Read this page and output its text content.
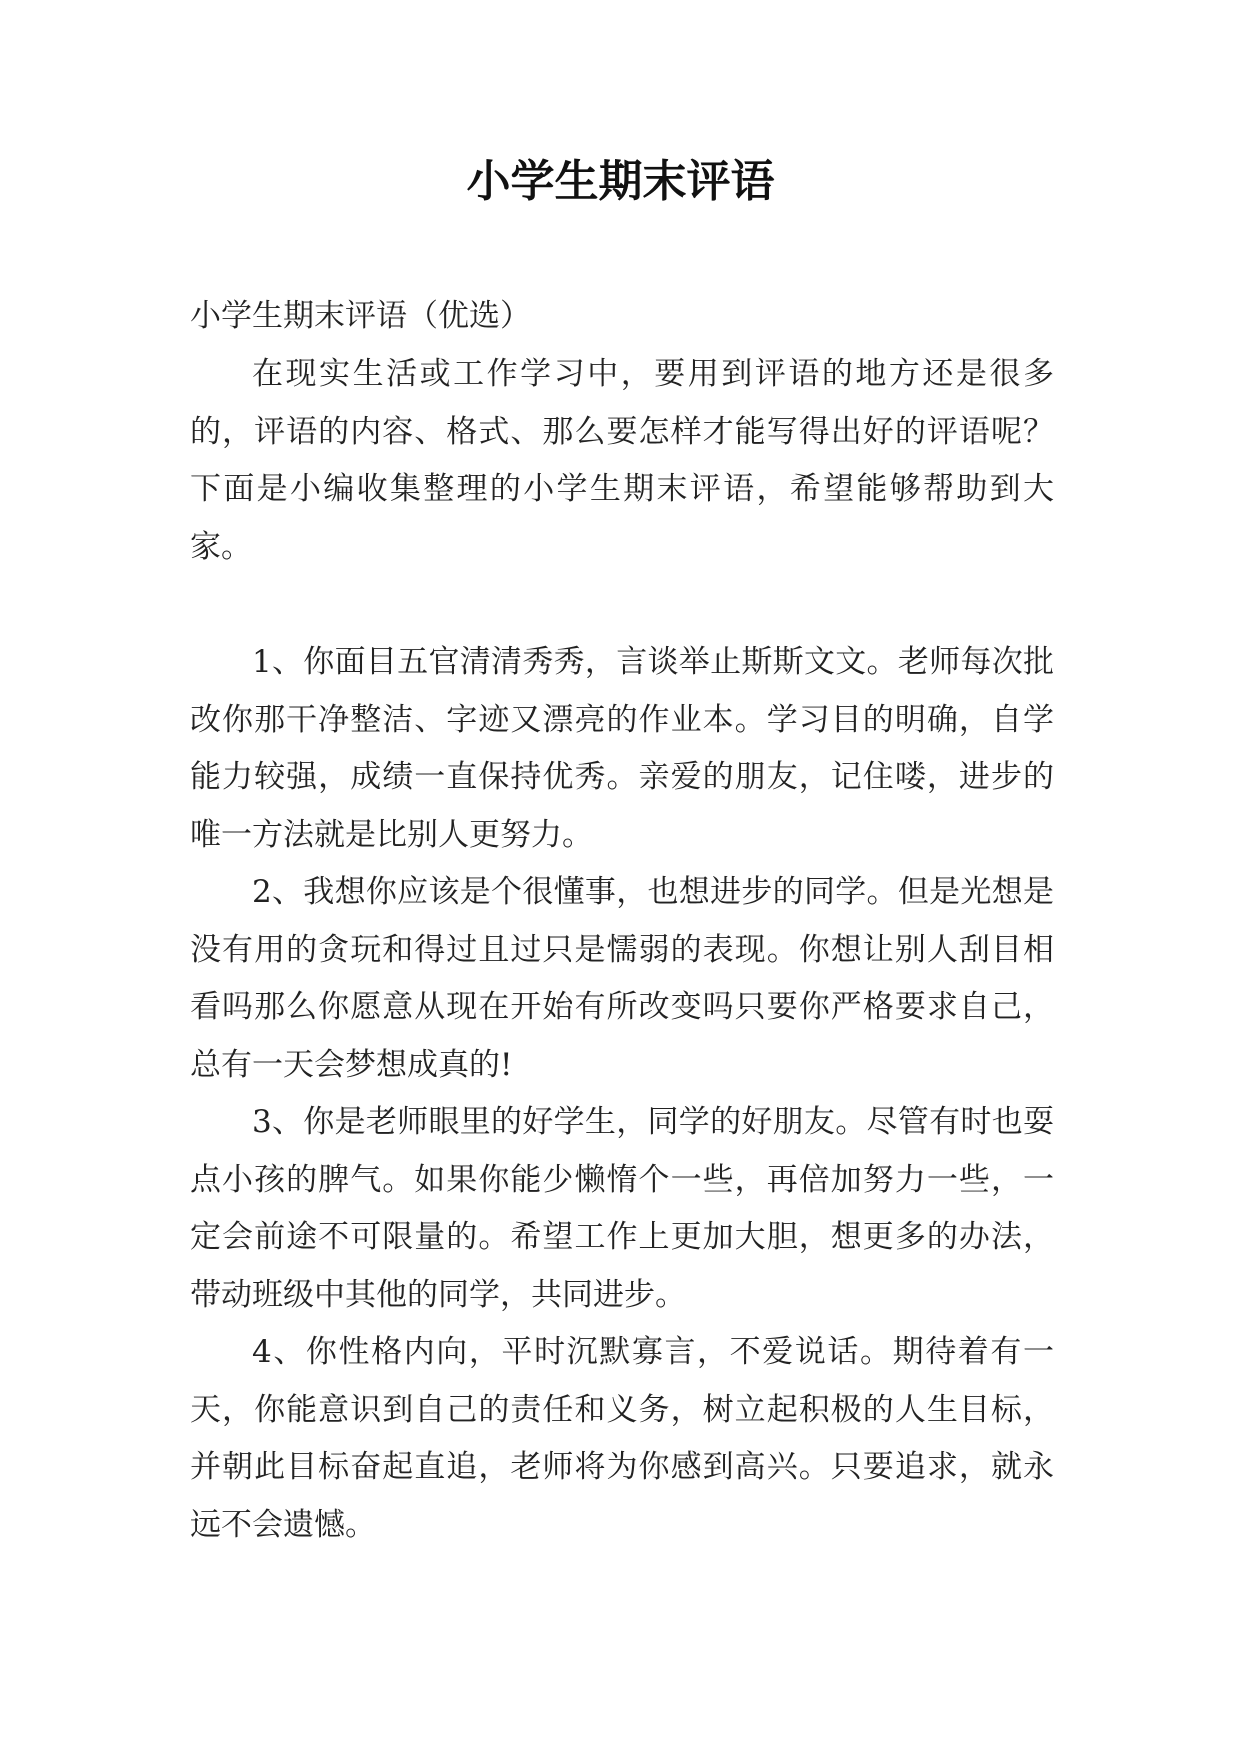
小学生期末评语
小学生期末评语（优选）

在现实生活或工作学习中，要用到评语的地方还是很多的，评语的内容、格式、那么要怎样才能写得出好的评语呢？下面是小编收集整理的小学生期末评语，希望能够帮助到大家。

1、你面目五官清清秀秀，言谈举止斯斯文文。老师每次批改你那干净整洁、字迹又漂亮的作业本。学习目的明确，自学能力较强，成绩一直保持优秀。亲爱的朋友，记住喽，进步的唯一方法就是比别人更努力。

2、我想你应该是个很懂事，也想进步的同学。但是光想是没有用的贪玩和得过且过只是懦弱的表现。你想让别人刮目相看吗那么你愿意从现在开始有所改变吗只要你严格要求自己，总有一天会梦想成真的!

3、你是老师眼里的好学生，同学的好朋友。尽管有时也耍点小孩的脾气。如果你能少懒惰个一些，再倍加努力一些，一定会前途不可限量的。希望工作上更加大胆，想更多的办法，带动班级中其他的同学，共同进步。

4、你性格内向，平时沉默寡言，不爱说话。期待着有一天，你能意识到自己的责任和义务，树立起积极的人生目标，并朝此目标奋起直追，老师将为你感到高兴。只要追求，就永远不会遗憾。
